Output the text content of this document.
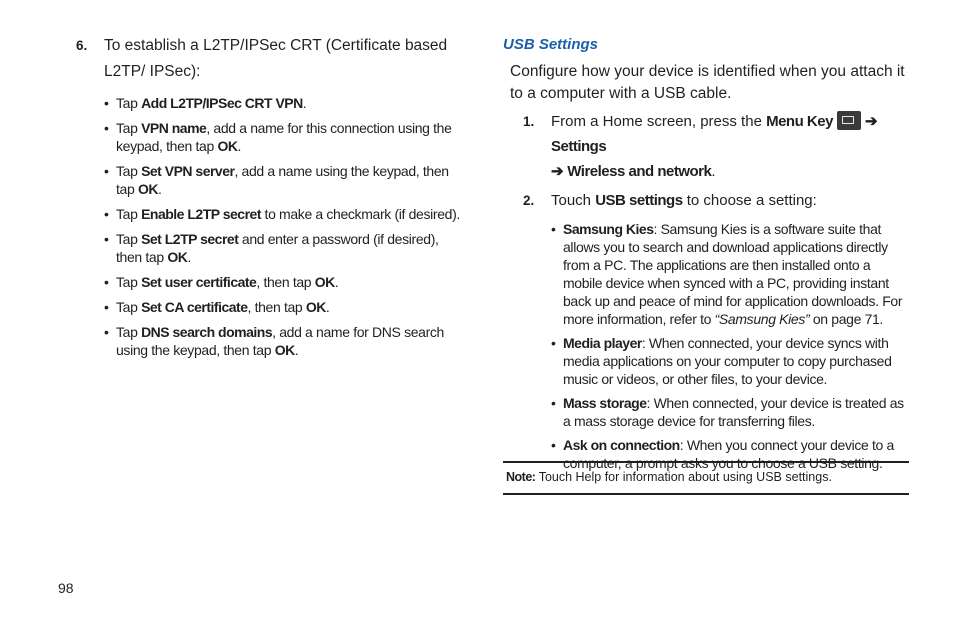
6. To establish a L2TP/IPSec CRT (Certificate based L2TP/ IPSec):
• Tap Add L2TP/IPSec CRT VPN.
• Tap VPN name, add a name for this connection using the keypad, then tap OK.
• Tap Set VPN server, add a name using the keypad, then tap OK.
• Tap Enable L2TP secret to make a checkmark (if desired).
• Tap Set L2TP secret and enter a password (if desired), then tap OK.
• Tap Set user certificate, then tap OK.
• Tap Set CA certificate, then tap OK.
• Tap DNS search domains, add a name for DNS search using the keypad, then tap OK.
USB Settings
Configure how your device is identified when you attach it to a computer with a USB cable.
1. From a Home screen, press the Menu Key ➔ Settings
➔ Wireless and network.
2. Touch USB settings to choose a setting:
• Samsung Kies: Samsung Kies is a software suite that allows you to search and download applications directly from a PC. The applications are then installed onto a mobile device when synced with a PC, providing instant back up and peace of mind for application downloads. For more information, refer to “Samsung Kies” on page 71.
• Media player: When connected, your device syncs with media applications on your computer to copy purchased music or videos, or other files, to your device.
• Mass storage: When connected, your device is treated as a mass storage device for transferring files.
• Ask on connection: When you connect your device to a computer, a prompt asks you to choose a USB setting.
Note: Touch Help for information about using USB settings.
98
